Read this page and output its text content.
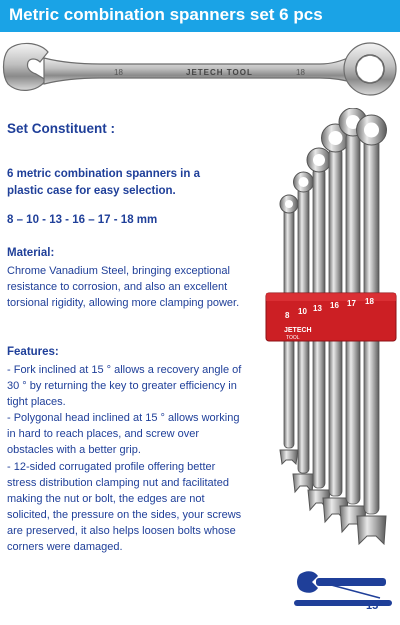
Metric combination spanners set 6 pcs
18	JETECH TOOL	18
Set Constituent :
6 metric combination spanners in a plastic case for easy selection.
8 – 10 - 13 - 16 – 17 - 18 mm
Material:
Chrome Vanadium Steel, bringing exceptional resistance to corrosion, and also an excellent torsional rigidity, allowing more clamping power.
Features:

- Fork inclined at 15 ° allows a recovery angle of 30 ° by returning the key to greater efficiency in tight places.

- Polygonal head inclined at 15 ° allows working in hard to reach places, and screw over obstacles with a better grip.

- 12-sided corrugated profile offering better stress distribution clamping nut and facilitated making the nut or bolt, the edges are not solicited, the pressure on the sides, your screws are preserved, it also helps loosen bolts whose corners were damaged.

8 10 13 16 17 18
JETECH
TOOL
15°
